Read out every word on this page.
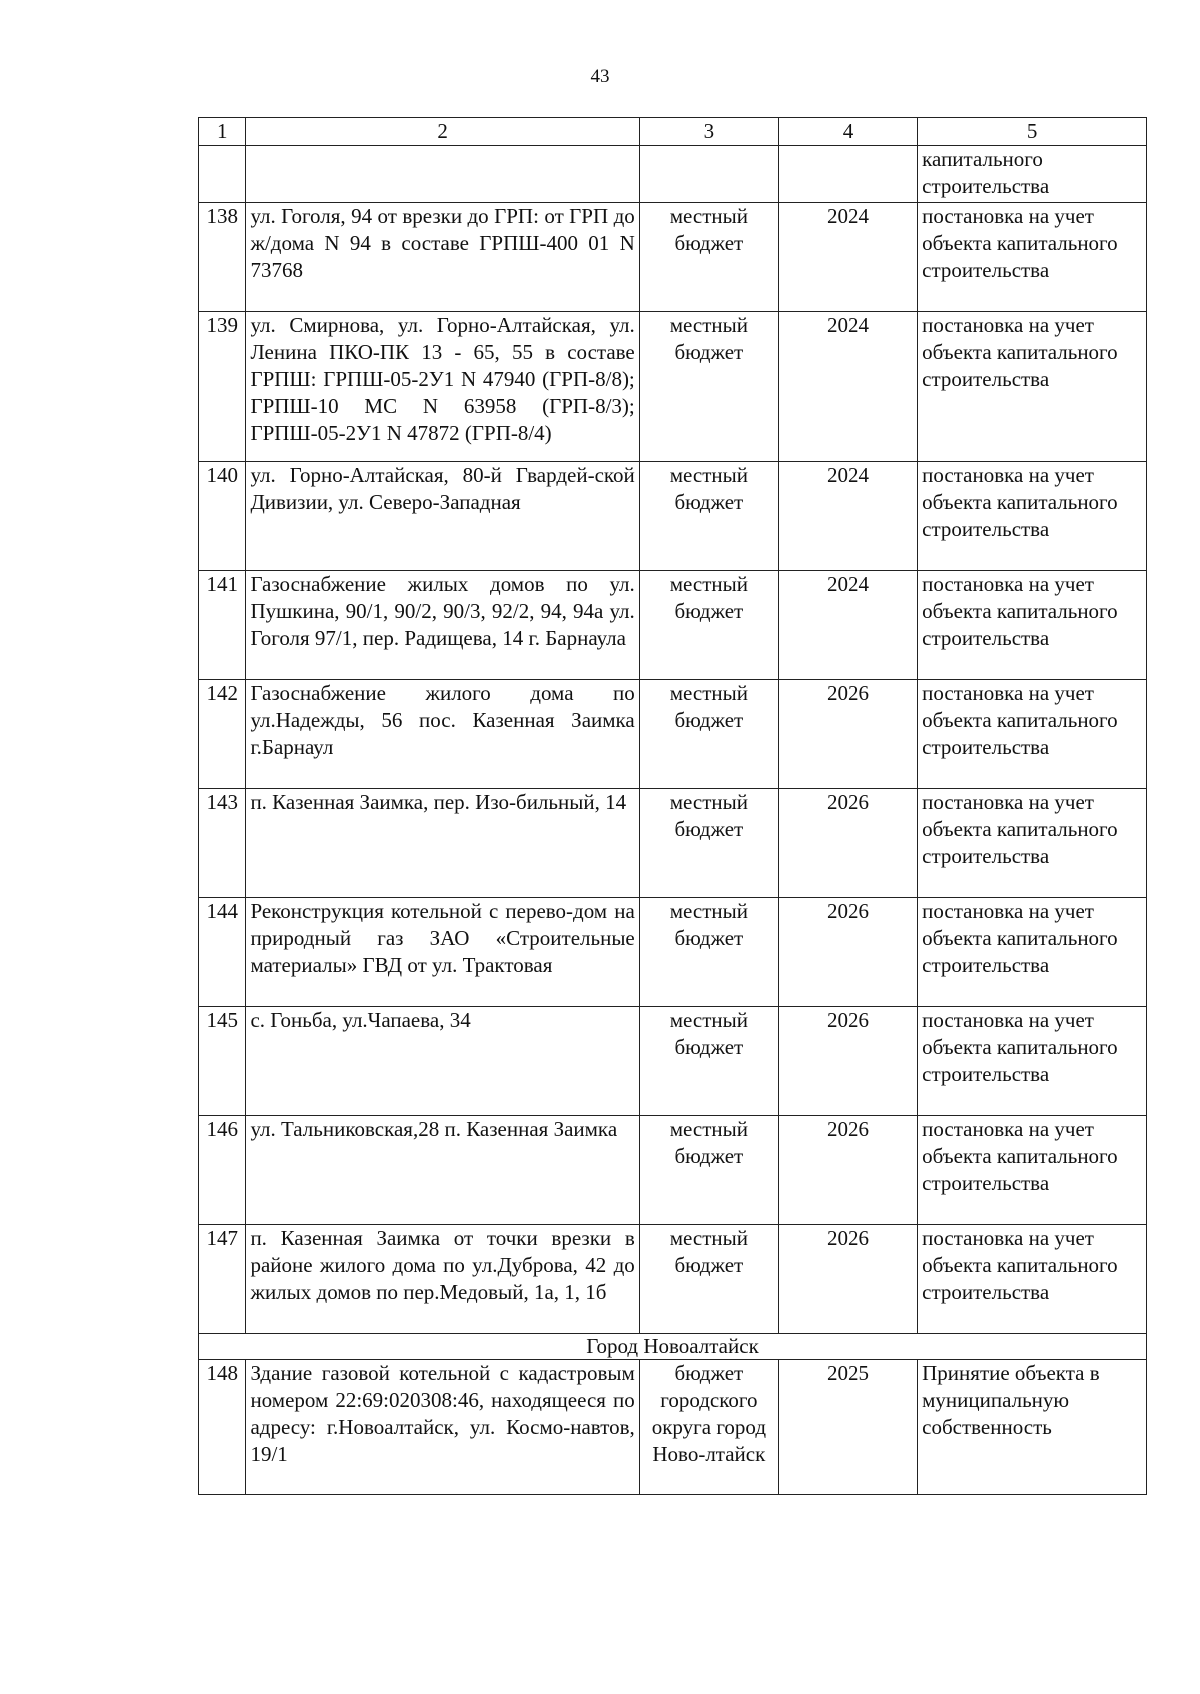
43
1	2	3	4	5
				капитального строительства
138	ул. Гоголя, 94 от врезки до ГРП: от ГРП до ж/дома N 94 в составе ГРПШ-400 01 N 73768	местный бюджет	2024	постановка на учет объекта капитального строительства
139	ул. Смирнова, ул. Горно-Алтайская, ул. Ленина ПКО-ПК 13 - 65, 55 в составе ГРПШ: ГРПШ-05-2У1 N 47940 (ГРП-8/8); ГРПШ-10 МС N 63958 (ГРП-8/3); ГРПШ-05-2У1 N 47872 (ГРП-8/4)	местный бюджет	2024	постановка на учет объекта капитального строительства
140	ул. Горно-Алтайская, 80-й Гвардей-ской Дивизии, ул. Северо-Западная	местный бюджет	2024	постановка на учет объекта капитального строительства
141	Газоснабжение жилых домов по ул. Пушкина, 90/1, 90/2, 90/3, 92/2, 94, 94а ул. Гоголя 97/1, пер. Радищева, 14 г. Барнаула	местный бюджет	2024	постановка на учет объекта капитального строительства
142	Газоснабжение жилого дома по ул.Надежды, 56 пос. Казенная Заимка г.Барнаул	местный бюджет	2026	постановка на учет объекта капитального строительства
143	п. Казенная Заимка, пер. Изо-бильный, 14	местный бюджет	2026	постановка на учет объекта капитального строительства
144	Реконструкция котельной с перево-дом на природный газ ЗАО «Строительные материалы» ГВД от ул. Трактовая	местный бюджет	2026	постановка на учет объекта капитального строительства
145	с. Гоньба, ул.Чапаева, 34	местный бюджет	2026	постановка на учет объекта капитального строительства
146	ул. Тальниковская,28 п. Казенная Заимка	местный бюджет	2026	постановка на учет объекта капитального строительства
147	п. Казенная Заимка от точки врезки в районе жилого дома по ул.Дуброва, 42 до жилых домов по пер.Медовый, 1а, 1, 1б	местный бюджет	2026	постановка на учет объекта капитального строительства
Город Новоалтайск				
148	Здание газовой котельной с кадастровым номером 22:69:020308:46, находящееся по адресу: г.Новоалтайск, ул. Космо-навтов, 19/1	бюджет городского округа город Ново-лтайск	2025	Принятие объекта в муниципальную собственность
